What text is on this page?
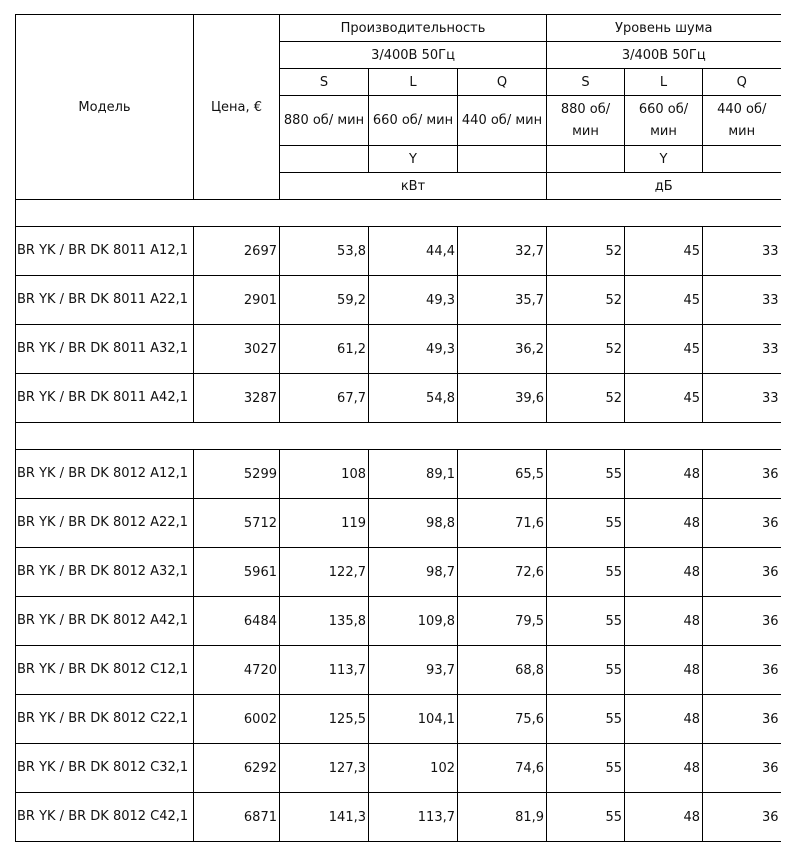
Модель	Цена, €	Производительность			Уровень шума		
		3/400В 50Гц			3/400В 50Гц		
		S	L	Q	S	L	Q
		880 об/ мин	660 об/ мин	440 об/ мин	880 об/ мин	660 об/ мин	440 об/ мин
			Y			Y	
		кВт			дБ		

BR YK / BR DK 8011 A12,1	2697	53,8	44,4	32,7	52	45	33
BR YK / BR DK 8011 A22,1	2901	59,2	49,3	35,7	52	45	33
BR YK / BR DK 8011 A32,1	3027	61,2	49,3	36,2	52	45	33
BR YK / BR DK 8011 A42,1	3287	67,7	54,8	39,6	52	45	33

BR YK / BR DK 8012 A12,1	5299	108	89,1	65,5	55	48	36
BR YK / BR DK 8012 A22,1	5712	119	98,8	71,6	55	48	36
BR YK / BR DK 8012 A32,1	5961	122,7	98,7	72,6	55	48	36
BR YK / BR DK 8012 A42,1	6484	135,8	109,8	79,5	55	48	36
BR YK / BR DK 8012 C12,1	4720	113,7	93,7	68,8	55	48	36
BR YK / BR DK 8012 C22,1	6002	125,5	104,1	75,6	55	48	36
BR YK / BR DK 8012 C32,1	6292	127,3	102	74,6	55	48	36
BR YK / BR DK 8012 C42,1	6871	141,3	113,7	81,9	55	48	36
